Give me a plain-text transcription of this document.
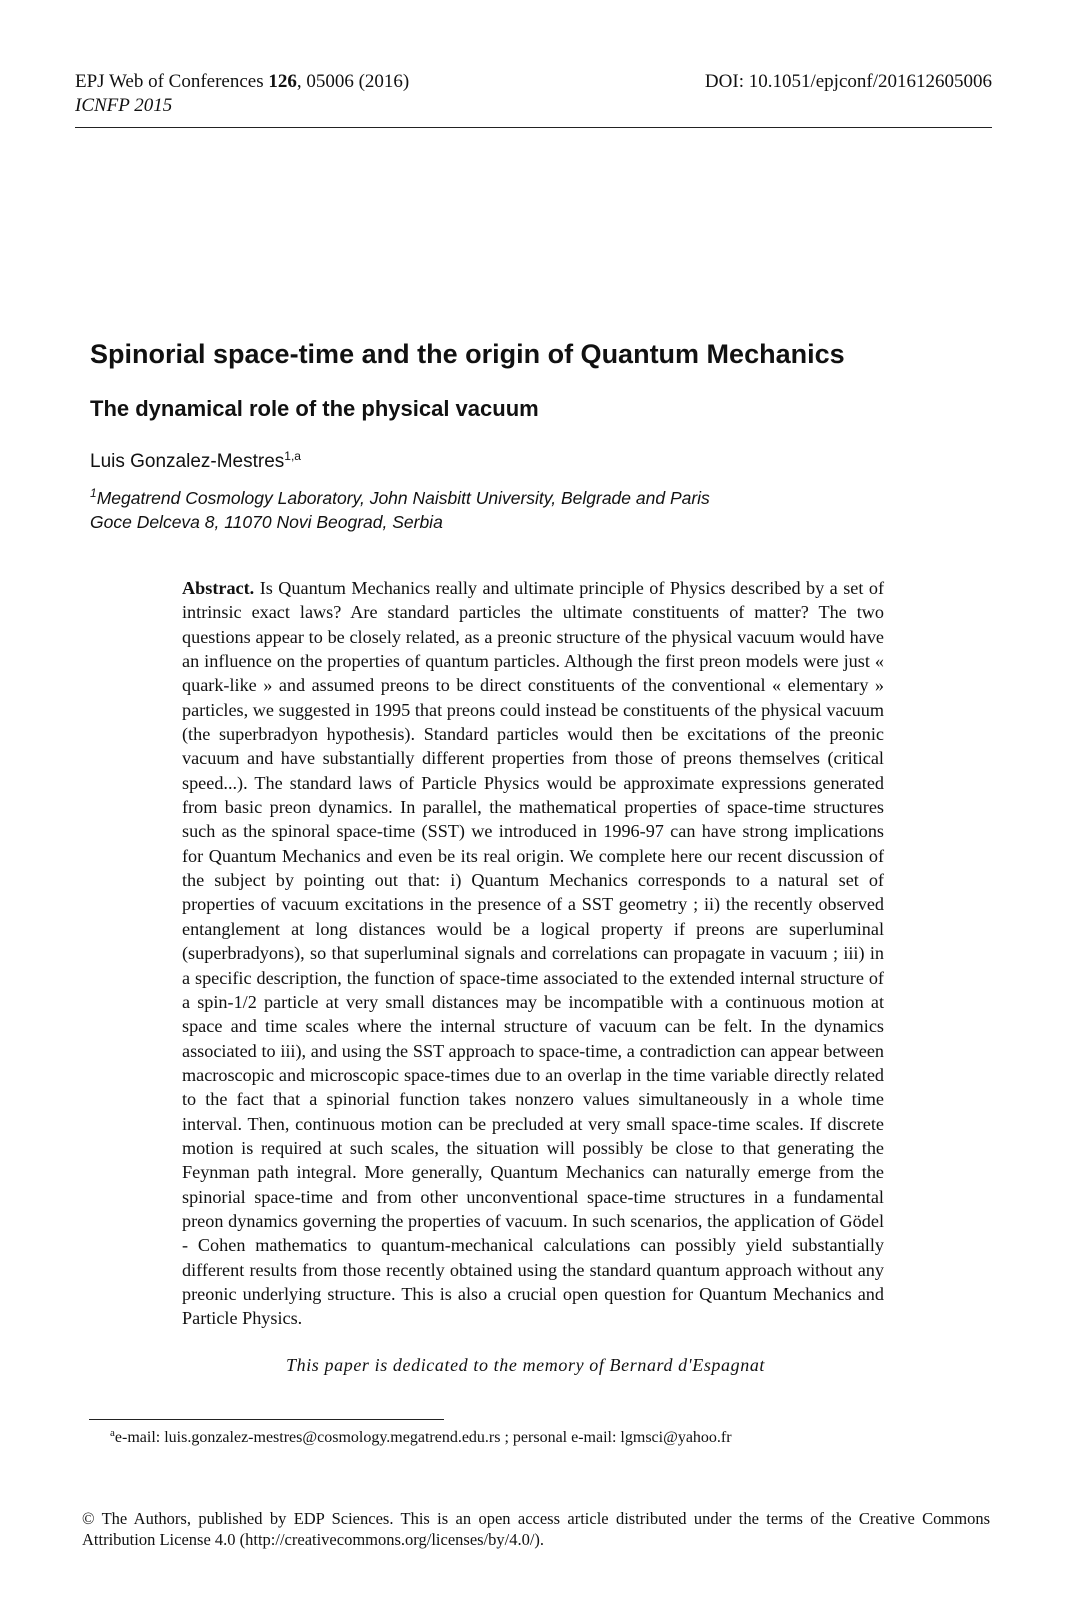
EPJ Web of Conferences 126, 05006 (2016)
ICNFP 2015
DOI: 10.1051/epjconf/201612605006
Spinorial space-time and the origin of Quantum Mechanics
The dynamical role of the physical vacuum
Luis Gonzalez-Mestres$^{1,a}$
$^1$Megatrend Cosmology Laboratory, John Naisbitt University, Belgrade and Paris
Goce Delceva 8, 11070 Novi Beograd, Serbia

Abstract. Is Quantum Mechanics really and ultimate principle of Physics described by a set of intrinsic exact laws? Are standard particles the ultimate constituents of matter? The two questions appear to be closely related, as a preonic structure of the physical vacuum would have an influence on the properties of quantum particles. Although the first preon models were just « quark-like » and assumed preons to be direct constituents of the conventional « elementary » particles, we suggested in 1995 that preons could instead be constituents of the physical vacuum (the superbradyon hypothesis). Standard particles would then be excitations of the preonic vacuum and have substantially different properties from those of preons themselves (critical speed...). The standard laws of Particle Physics would be approximate expressions generated from basic preon dynamics. In parallel, the mathematical properties of space-time structures such as the spinoral space-time (SST) we introduced in 1996-97 can have strong implications for Quantum Mechanics and even be its real origin. We complete here our recent discussion of the subject by pointing out that: i) Quantum Mechanics corresponds to a natural set of properties of vacuum excitations in the presence of a SST geometry ; ii) the recently observed entanglement at long distances would be a logical property if preons are superluminal (superbradyons), so that superluminal signals and correlations can propagate in vacuum ; iii) in a specific description, the function of space-time associated to the extended internal structure of a spin-1/2 particle at very small distances may be incompatible with a continuous motion at space and time scales where the internal structure of vacuum can be felt. In the dynamics associated to iii), and using the SST approach to space-time, a contradiction can appear between macroscopic and microscopic space-times due to an overlap in the time variable directly related to the fact that a spinorial function takes nonzero values simultaneously in a whole time interval. Then, continuous motion can be precluded at very small space-time scales. If discrete motion is required at such scales, the situation will possibly be close to that generating the Feynman path integral. More generally, Quantum Mechanics can naturally emerge from the spinorial space-time and from other unconventional space-time structures in a fundamental preon dynamics governing the properties of vacuum. In such scenarios, the application of Gödel - Cohen mathematics to quantum-mechanical calculations can possibly yield substantially different results from those recently obtained using the standard quantum approach without any preonic underlying structure. This is also a crucial open question for Quantum Mechanics and Particle Physics.

This paper is dedicated to the memory of Bernard d'Espagnat
$^a$e-mail: luis.gonzalez-mestres@cosmology.megatrend.edu.rs ; personal e-mail: lgmsci@yahoo.fr

© The Authors, published by EDP Sciences. This is an open access article distributed under the terms of the Creative Commons Attribution License 4.0 (http://creativecommons.org/licenses/by/4.0/).
